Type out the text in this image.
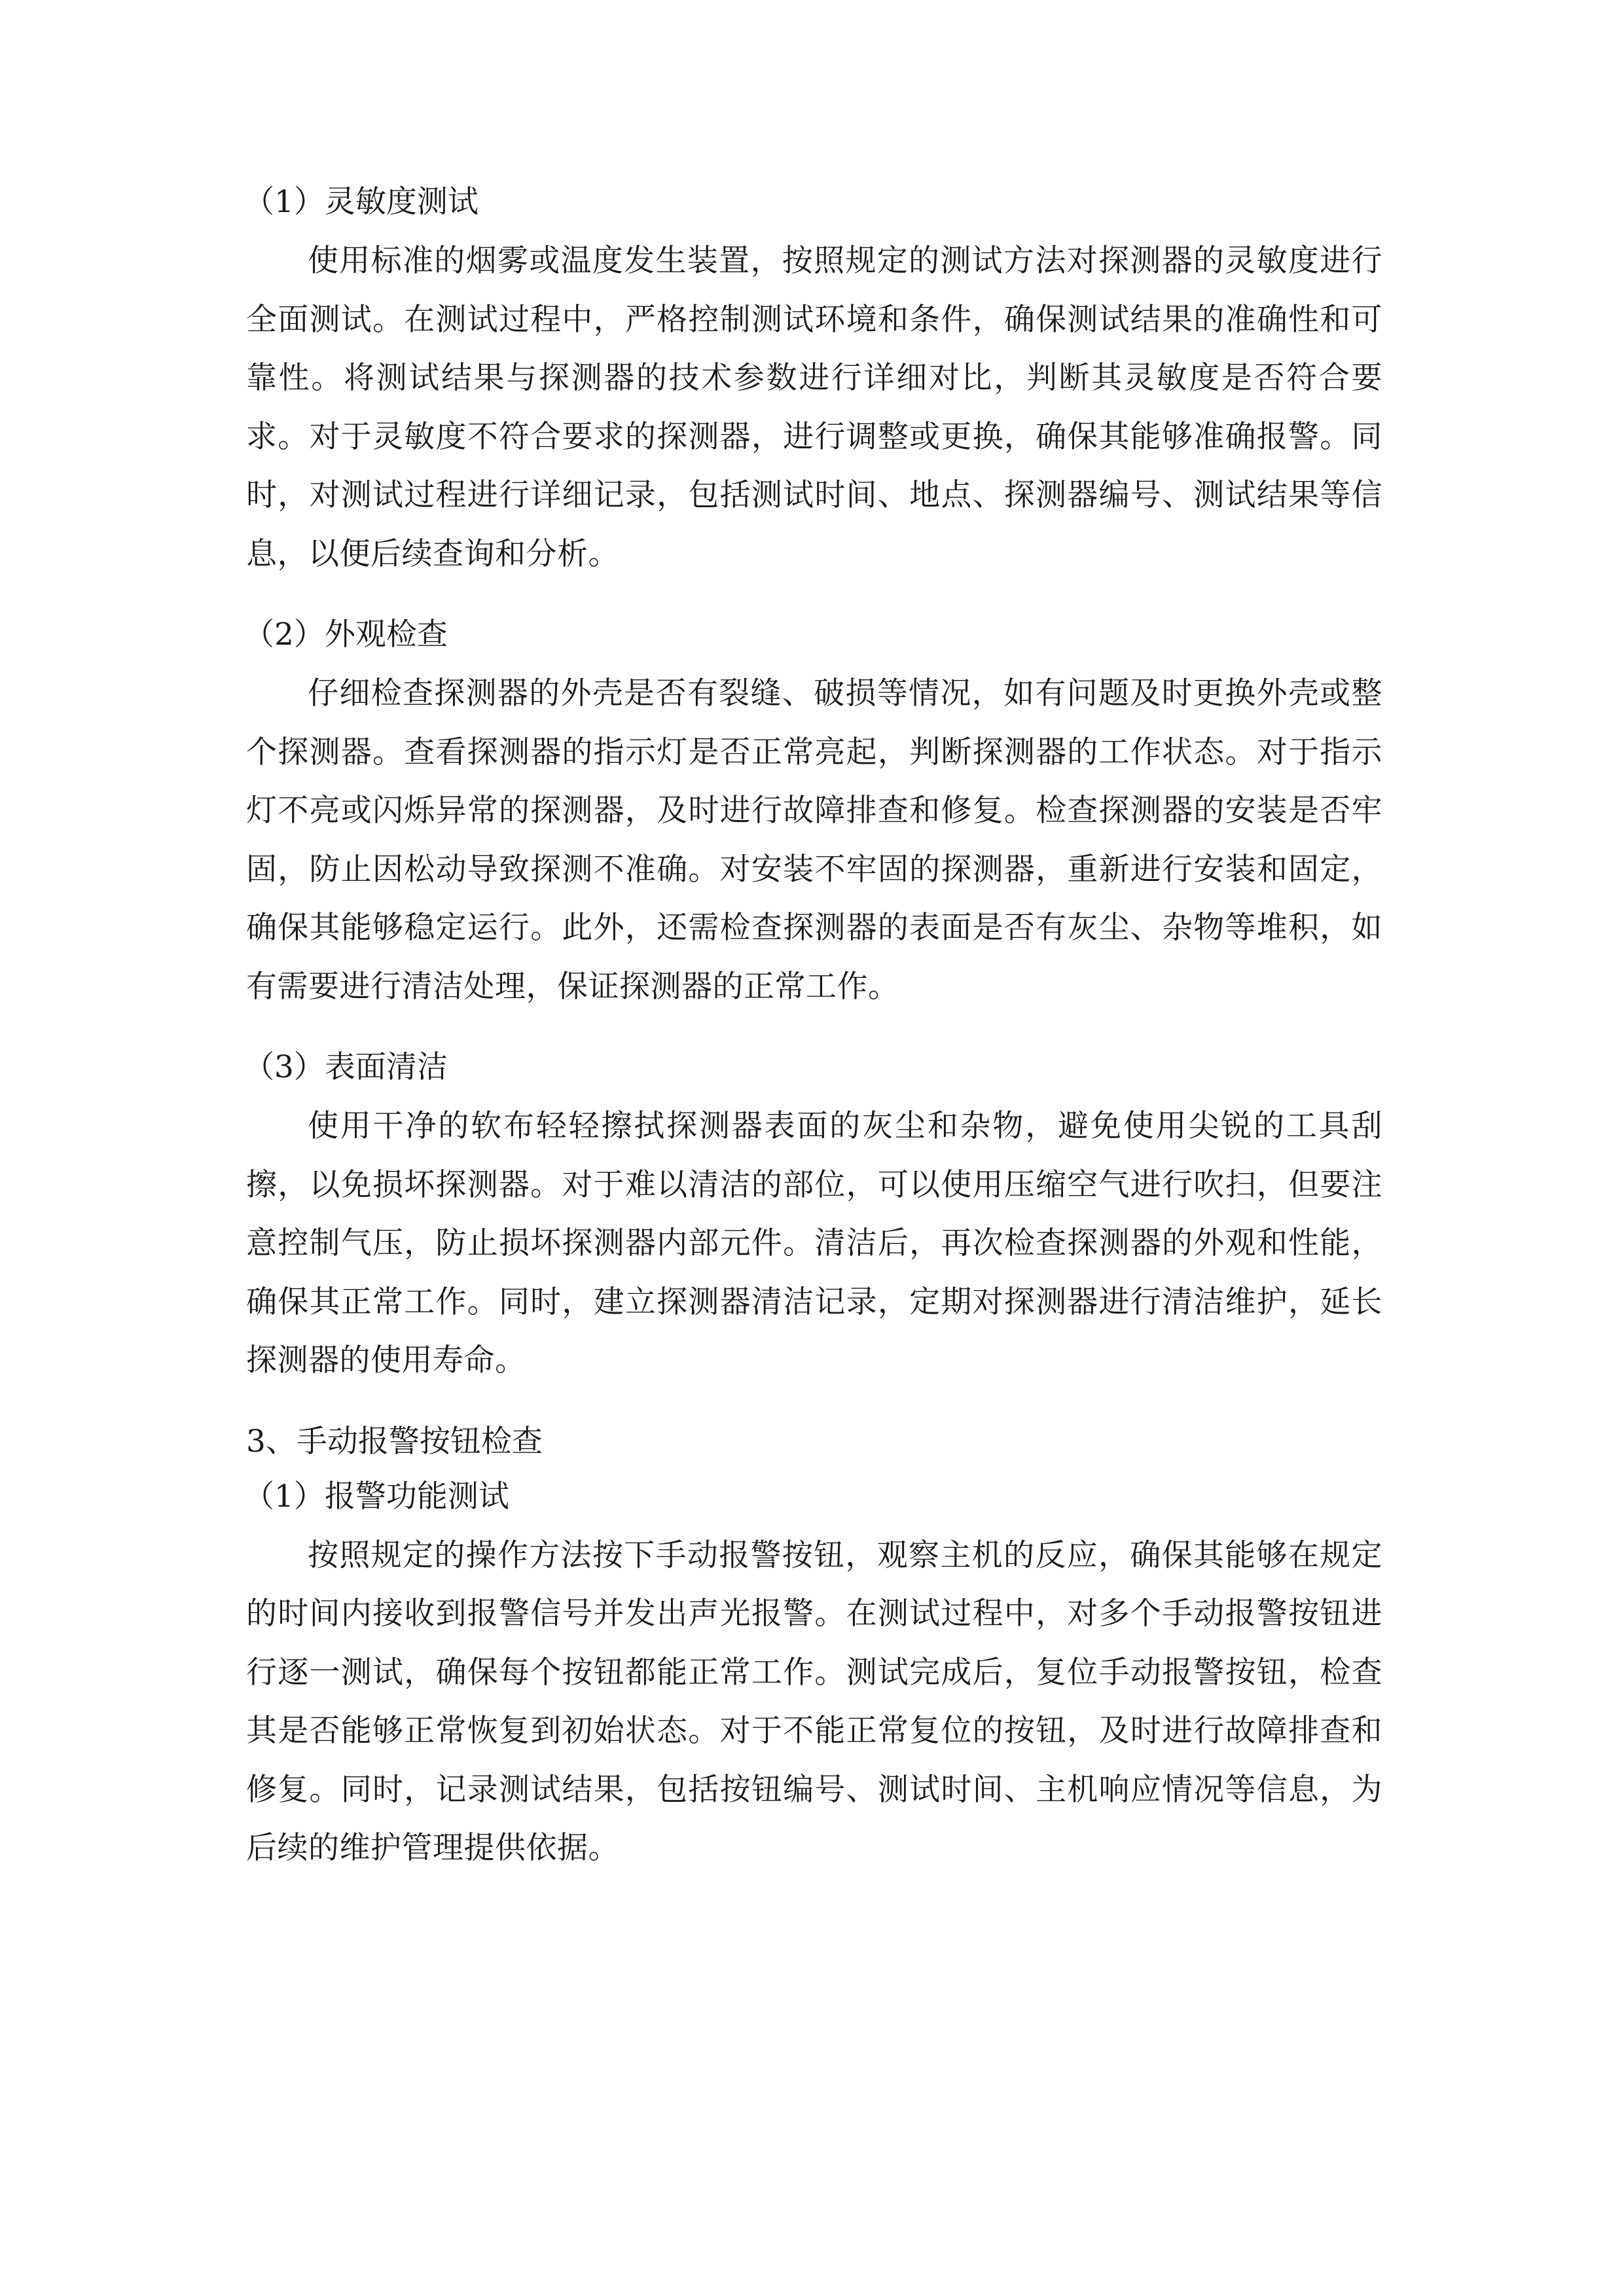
（1）灵敏度测试

使用标准的烟雾或温度发生装置，按照规定的测试方法对探测器的灵敏度进行全面测试。在测试过程中，严格控制测试环境和条件，确保测试结果的准确性和可靠性。将测试结果与探测器的技术参数进行详细对比，判断其灵敏度是否符合要求。对于灵敏度不符合要求的探测器，进行调整或更换，确保其能够准确报警。同时，对测试过程进行详细记录，包括测试时间、地点、探测器编号、测试结果等信息，以便后续查询和分析。

（2）外观检查

仔细检查探测器的外壳是否有裂缝、破损等情况，如有问题及时更换外壳或整个探测器。查看探测器的指示灯是否正常亮起，判断探测器的工作状态。对于指示灯不亮或闪烁异常的探测器，及时进行故障排查和修复。检查探测器的安装是否牢固，防止因松动导致探测不准确。对安装不牢固的探测器，重新进行安装和固定，确保其能够稳定运行。此外，还需检查探测器的表面是否有灰尘、杂物等堆积，如有需要进行清洁处理，保证探测器的正常工作。

（3）表面清洁

使用干净的软布轻轻擦拭探测器表面的灰尘和杂物，避免使用尖锐的工具刮擦，以免损坏探测器。对于难以清洁的部位，可以使用压缩空气进行吹扫，但要注意控制气压，防止损坏探测器内部元件。清洁后，再次检查探测器的外观和性能，确保其正常工作。同时，建立探测器清洁记录，定期对探测器进行清洁维护，延长探测器的使用寿命。

3、手动报警按钮检查
（1）报警功能测试

按照规定的操作方法按下手动报警按钮，观察主机的反应，确保其能够在规定的时间内接收到报警信号并发出声光报警。在测试过程中，对多个手动报警按钮进行逐一测试，确保每个按钮都能正常工作。测试完成后，复位手动报警按钮，检查其是否能够正常恢复到初始状态。对于不能正常复位的按钮，及时进行故障排查和修复。同时，记录测试结果，包括按钮编号、测试时间、主机响应情况等信息，为后续的维护管理提供依据。
